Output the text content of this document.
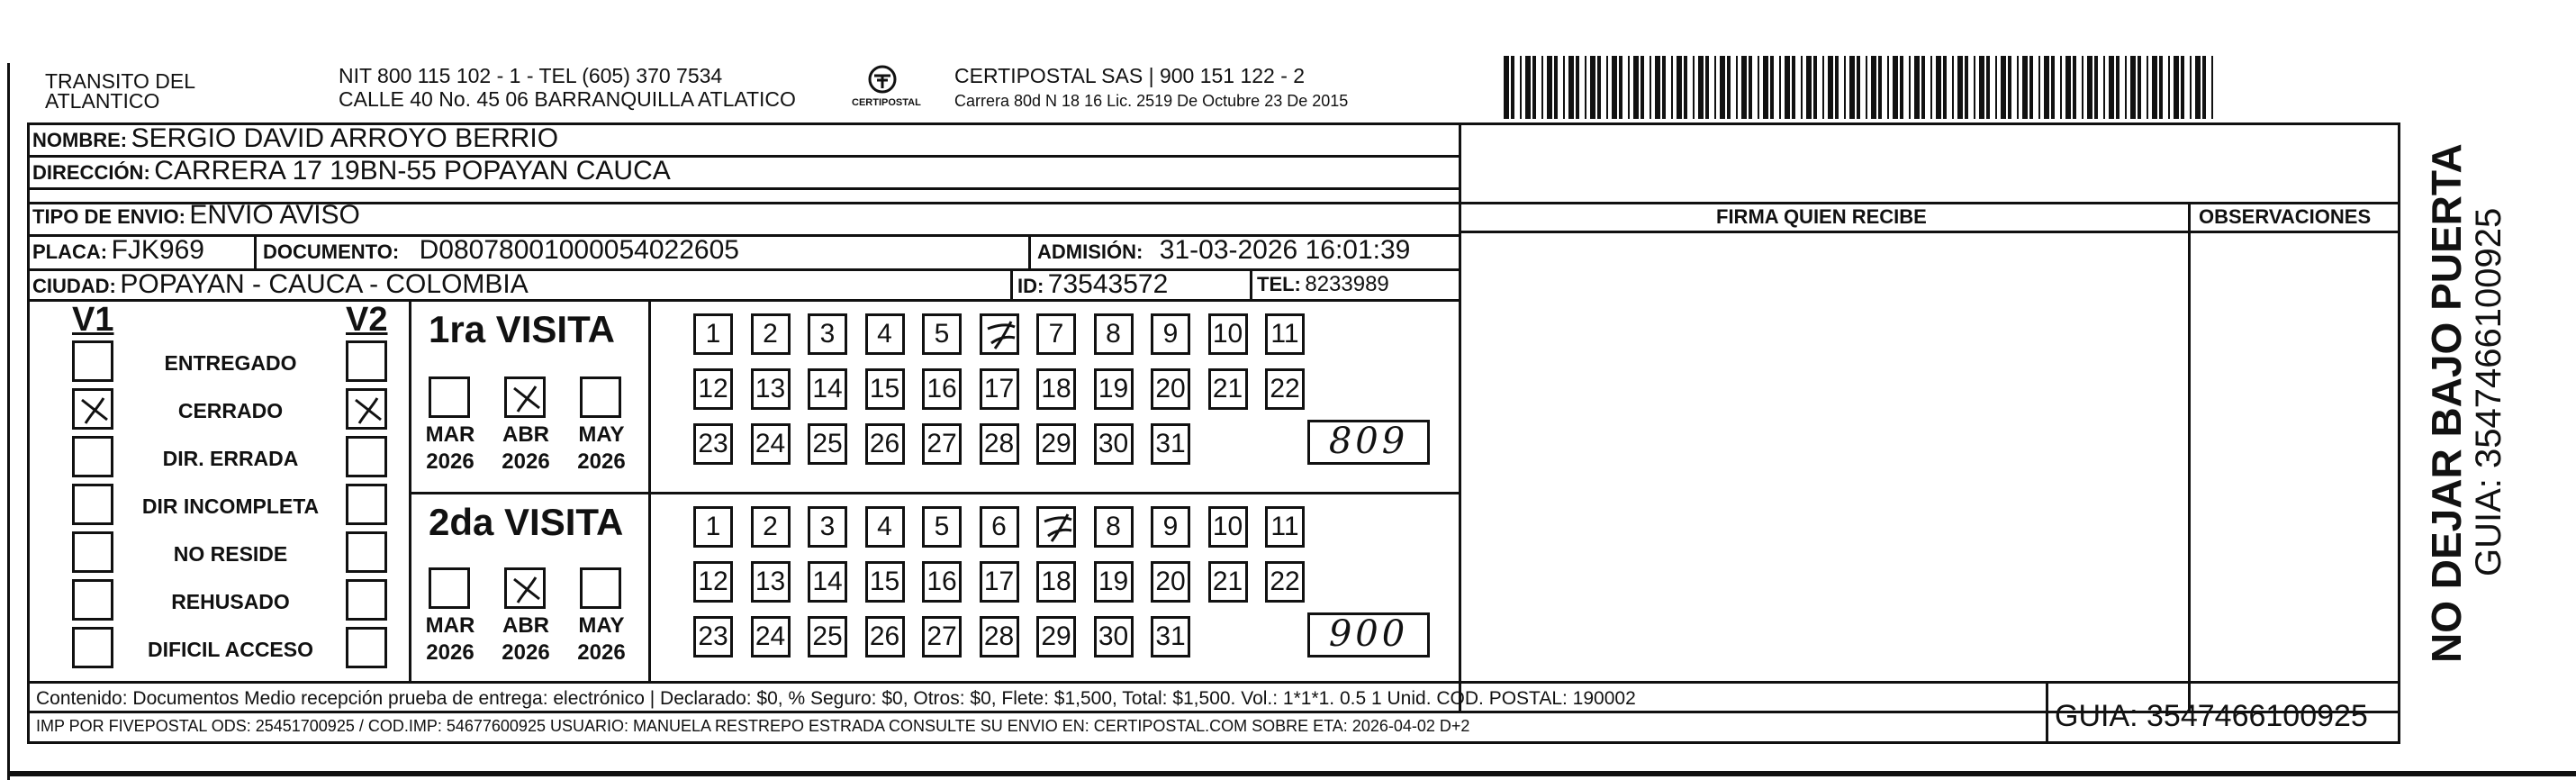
TRANSITO DEL
ATLANTICO
NIT 800 115 102 - 1 - TEL (605) 370 7534
CALLE 40 No. 45 06 BARRANQUILLA ATLATICO	CERTIPOSTAL
CERTIPOSTAL SAS | 900 151 122 - 2
Carrera 80d N 18 16 Lic. 2519 De Octubre 23 De 2015
NOMBRE: SERGIO DAVID ARROYO BERRIO
DIRECCIÓN: CARRERA 17 19BN-55 POPAYAN CAUCA
TIPO DE ENVIO: ENVIO AVISO
PLACA: FJK969	DOCUMENTO: D08078001000054022605	ADMISIÓN: 31-03-2026 16:01:39
CIUDAD: POPAYAN - CAUCA - COLOMBIA	ID: 73543572	TEL: 8233989
FIRMA QUIEN RECIBE	OBSERVACIONES
V1	V2
ENTREGADO
CERRADO
DIR. ERRADA
DIR INCOMPLETA
NO RESIDE
REHUSADO
DIFICIL ACCESO
1ra VISITA
MAR
2026
ABR
2026
MAY
2026
1	2	3	4	5	7	8	9	10 11
12 13 14 15 16 17 18 19 20 21 22
23 24 25 26 27 28 29 30 31	809
2da VISITA
MAR
2026
ABR
2026
MAY
2026
1	2	3	4	5	6	8	9	10 11
12 13 14 15 16 17 18 19 20 21 22
23 24 25 26 27 28 29 30 31	900
Contenido: Documentos Medio recepción prueba de entrega: electrónico | Declarado: $0, % Seguro: $0, Otros: $0, Flete: $1,500, Total: $1,500. Vol.: 1*1*1. 0.5 1 Unid. COD. POSTAL: 190002
IMP POR FIVEPOSTAL ODS: 25451700925 / COD.IMP: 54677600925 USUARIO: MANUELA RESTREPO ESTRADA CONSULTE SU ENVIO EN: CERTIPOSTAL.COM SOBRE ETA: 2026-04-02 D+2	GUIA: 3547466100925
NO DEJAR BAJO PUERTA GUIA: 3547466100925
